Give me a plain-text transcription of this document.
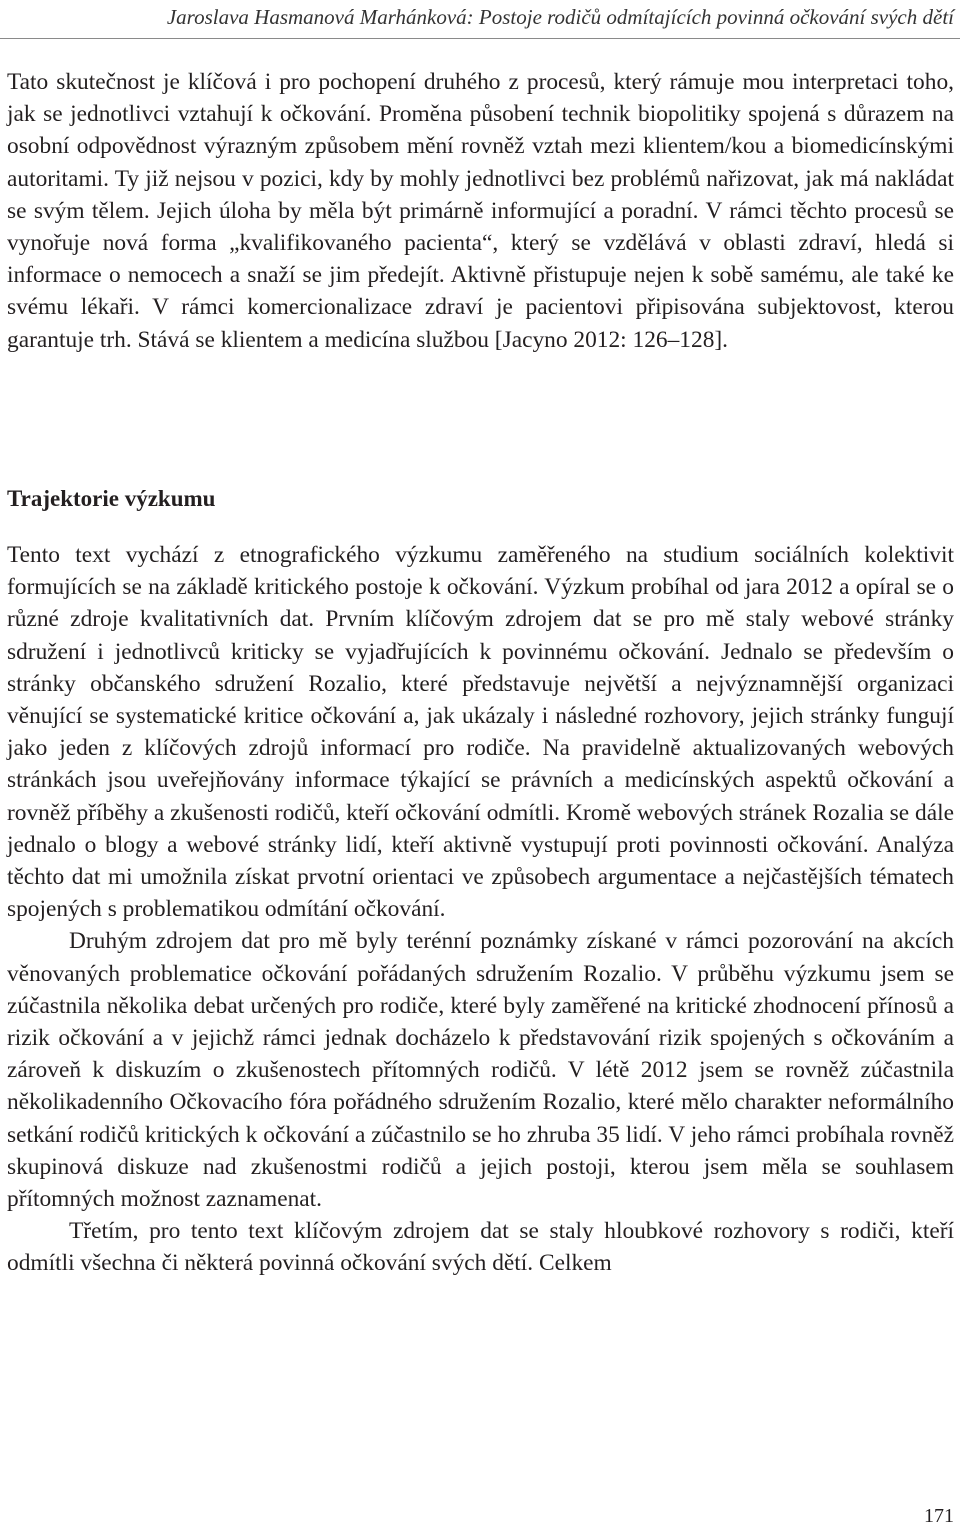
Jaroslava Hasmanová Marhánková: Postoje rodičů odmítajících povinná očkování svých dětí

Tato skutečnost je klíčová i pro pochopení druhého z procesů, který rámuje mou interpretaci toho, jak se jednotlivci vztahují k očkování. Proměna působení technik biopolitiky spojená s důrazem na osobní odpovědnost výrazným způsobem mění rovněž vztah mezi klientem/kou a biomedicínskými autoritami. Ty již nejsou v pozici, kdy by mohly jednotlivci bez problémů nařizovat, jak má nakládat se svým tělem. Jejich úloha by měla být primárně informující a poradní. V rámci těchto procesů se vynořuje nová forma „kvalifikovaného pacienta“, který se vzdělává v oblasti zdraví, hledá si informace o nemocech a snaží se jim předejít. Aktivně přistupuje nejen k sobě samému, ale také ke svému lékaři. V rámci komercionalizace zdraví je pacientovi připisována subjektovost, kterou garantuje trh. Stává se klientem a medicína službou [Jacyno 2012: 126–128].

Trajektorie výzkumu

Tento text vychází z etnografického výzkumu zaměřeného na studium sociálních kolektivit formujících se na základě kritického postoje k očkování. Výzkum probíhal od jara 2012 a opíral se o různé zdroje kvalitativních dat. Prvním klíčovým zdrojem dat se pro mě staly webové stránky sdružení i jednotlivců kriticky se vyjadřujících k povinnému očkování. Jednalo se především o stránky občanského sdružení Rozalio, které představuje největší a nejvýznamnější organizaci věnující se systematické kritice očkování a, jak ukázaly i následné rozhovory, jejich stránky fungují jako jeden z klíčových zdrojů informací pro rodiče. Na pravidelně aktualizovaných webových stránkách jsou uveřejňovány informace týkající se právních a medicínských aspektů očkování a rovněž příběhy a zkušenosti rodičů, kteří očkování odmítli. Kromě webových stránek Rozalia se dále jednalo o blogy a webové stránky lidí, kteří aktivně vystupují proti povinnosti očkování. Analýza těchto dat mi umožnila získat prvotní orientaci ve způsobech argumentace a nejčastějších tématech spojených s problematikou odmítání očkování.

Druhým zdrojem dat pro mě byly terénní poznámky získané v rámci pozorování na akcích věnovaných problematice očkování pořádaných sdružením Rozalio. V průběhu výzkumu jsem se zúčastnila několika debat určených pro rodiče, které byly zaměřené na kritické zhodnocení přínosů a rizik očkování a v jejichž rámci jednak docházelo k představování rizik spojených s očkováním a zároveň k diskuzím o zkušenostech přítomných rodičů. V létě 2012 jsem se rovněž zúčastnila několikadenního Očkovacího fóra pořádného sdružením Rozalio, které mělo charakter neformálního setkání rodičů kritických k očkování a zúčastnilo se ho zhruba 35 lidí. V jeho rámci probíhala rovněž skupinová diskuze nad zkušenostmi rodičů a jejich postoji, kterou jsem měla se souhlasem přítomných možnost zaznamenat.

Třetím, pro tento text klíčovým zdrojem dat se staly hloubkové rozhovory s rodiči, kteří odmítli všechna či některá povinná očkování svých dětí. Celkem

171
